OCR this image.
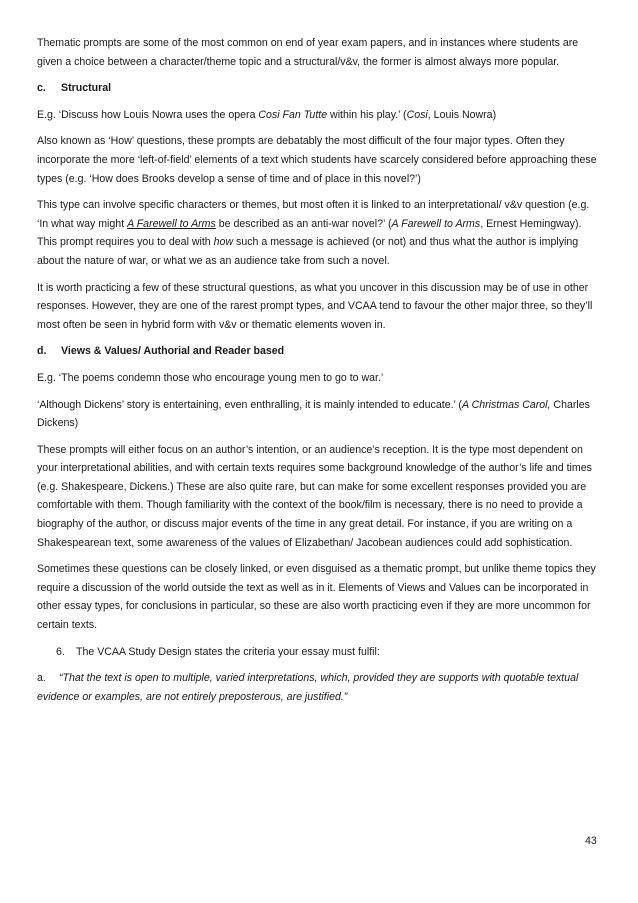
Thematic prompts are some of the most common on end of year exam papers, and in instances where students are given a choice between a character/theme topic and a structural/v&v, the former is almost always more popular.

c. Structural

E.g. ‘Discuss how Louis Nowra uses the opera Cosi Fan Tutte within his play.’ (Cosi, Louis Nowra)

Also known as ‘How’ questions, these prompts are debatably the most difficult of the four major types. Often they incorporate the more ‘left-of-field’ elements of a text which students have scarcely considered before approaching these types (e.g. ‘How does Brooks develop a sense of time and of place in this novel?’)

This type can involve specific characters or themes, but most often it is linked to an interpretational/ v&v question (e.g. ‘In what way might A Farewell to Arms be described as an anti-war novel?’ (A Farewell to Arms, Ernest Hemingway). This prompt requires you to deal with how such a message is achieved (or not) and thus what the author is implying about the nature of war, or what we as an audience take from such a novel.

It is worth practicing a few of these structural questions, as what you uncover in this discussion may be of use in other responses. However, they are one of the rarest prompt types, and VCAA tend to favour the other major three, so they’ll most often be seen in hybrid form with v&v or thematic elements woven in.

d. Views & Values/ Authorial and Reader based

E.g. ‘The poems condemn those who encourage young men to go to war.’

‘Although Dickens’ story is entertaining, even enthralling, it is mainly intended to educate.’ (A Christmas Carol, Charles Dickens)

These prompts will either focus on an author’s intention, or an audience’s reception. It is the type most dependent on your interpretational abilities, and with certain texts requires some background knowledge of the author’s life and times (e.g. Shakespeare, Dickens.) These are also quite rare, but can make for some excellent responses provided you are comfortable with them. Though familiarity with the context of the book/film is necessary, there is no need to provide a biography of the author, or discuss major events of the time in any great detail. For instance, if you are writing on a Shakespearean text, some awareness of the values of Elizabethan/ Jacobean audiences could add sophistication.

Sometimes these questions can be closely linked, or even disguised as a thematic prompt, but unlike theme topics they require a discussion of the world outside the text as well as in it. Elements of Views and Values can be incorporated in other essay types, for conclusions in particular, so these are also worth practicing even if they are more uncommon for certain texts.

6. The VCAA Study Design states the criteria your essay must fulfil:

a. “That the text is open to multiple, varied interpretations, which, provided they are supports with quotable textual evidence or examples, are not entirely preposterous, are justified.”

43
